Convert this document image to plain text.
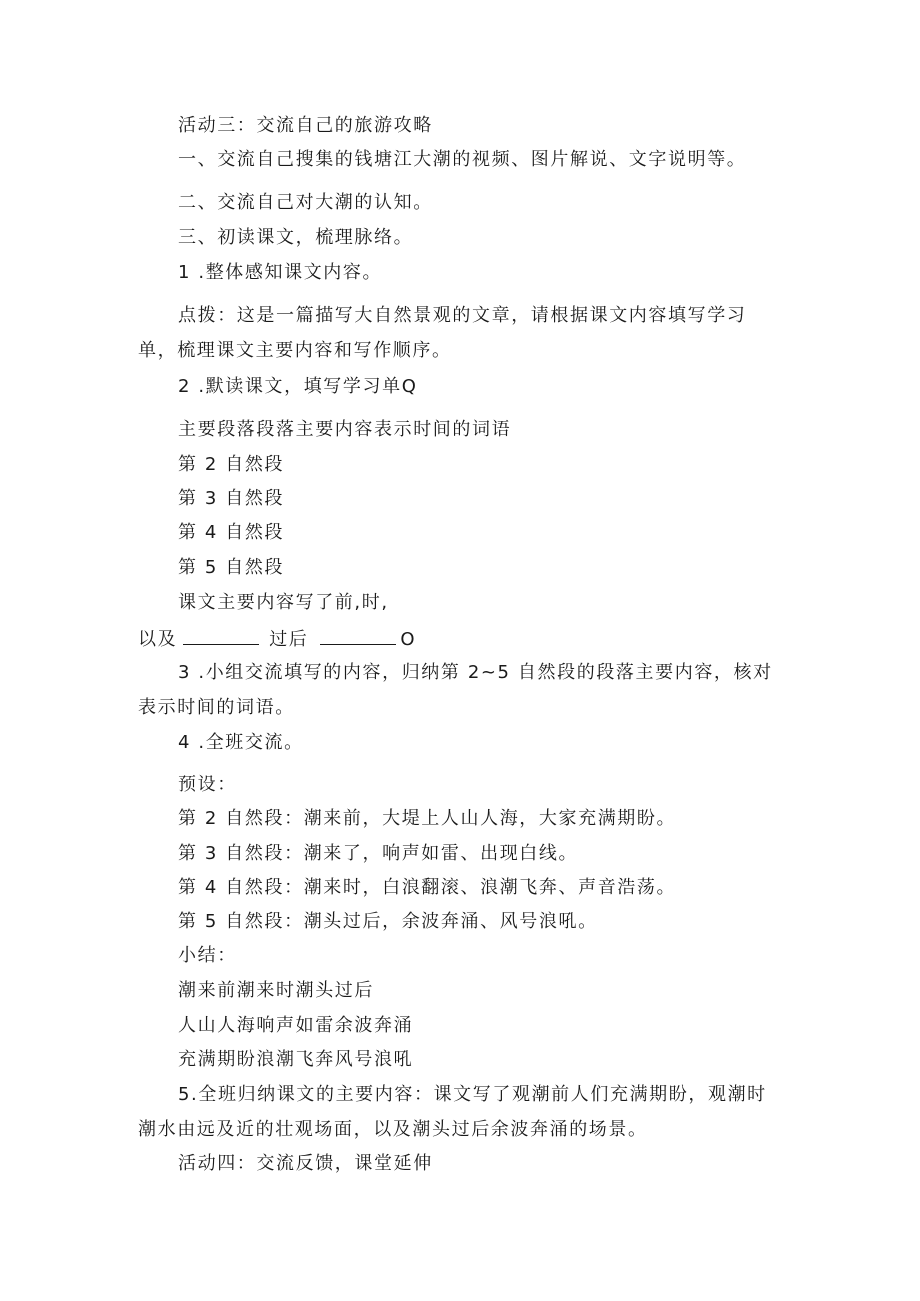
活动三：交流自己的旅游攻略
一、交流自己搜集的钱塘江大潮的视频、图片解说、文字说明等。
二、交流自己对大潮的认知。
三、初读课文，梳理脉络。
1 .整体感知课文内容。
点拨：这是一篇描写大自然景观的文章，请根据课文内容填写学习
单，梳理课文主要内容和写作顺序。
2 .默读课文，填写学习单Q
主要段落段落主要内容表示时间的词语
第 2 自然段
第 3 自然段
第 4 自然段
第 5 自然段
课文主要内容写了前,时,
以及	过后	O
3 .小组交流填写的内容，归纳第 2~5 自然段的段落主要内容，核对
表示时间的词语。
4 .全班交流。
预设：
第 2 自然段：潮来前，大堤上人山人海，大家充满期盼。
第 3 自然段：潮来了，响声如雷、出现白线。
第 4 自然段：潮来时，白浪翻滚、浪潮飞奔、声音浩荡。
第 5 自然段：潮头过后，余波奔涌、风号浪吼。
小结：
潮来前潮来时潮头过后
人山人海响声如雷余波奔涌
充满期盼浪潮飞奔风号浪吼
5.全班归纳课文的主要内容：课文写了观潮前人们充满期盼，观潮时
潮水由远及近的壮观场面，以及潮头过后余波奔涌的场景。
活动四：交流反馈，课堂延伸
